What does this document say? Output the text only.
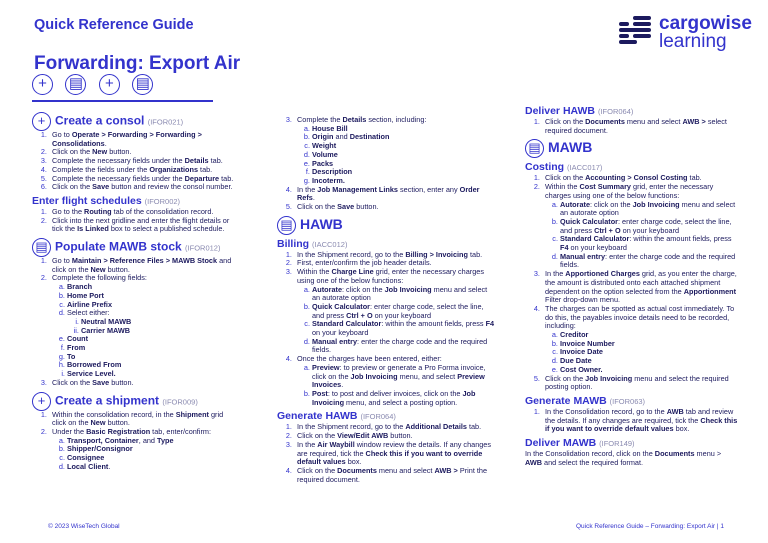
Quick Reference Guide	cargowise
learning
Forwarding: Export Air
+ ▤ + ▤
+ Create a consol (IFOR021)
1. Go to Operate > Forwarding > Forwarding > Consolidations.
2. Click on the New button.
3. Complete the necessary fields under the Details tab.
4. Complete the fields under the Organizations tab.
5. Complete the necessary fields under the Departure tab.
6. Click on the Save button and review the consol number.
Enter flight schedules (IFOR002)
1. Go to the Routing tab of the consolidation record.
2. Click into the next gridline and enter the flight details or tick the Is Linked box to select a published schedule.
▤ Populate MAWB stock (IFOR012)
1. Go to Maintain > Reference Files > MAWB Stock and click on the New button.
2. Complete the following fields:
a. Branch
b. Home Port
c. Airline Prefix
d. Select either:
i. Neutral MAWB
ii. Carrier MAWB
e. Count
f. From
g. To
h. Borrowed From
i. Service Level.
3. Click on the Save button.
+ Create a shipment (IFOR009)
1. Within the consolidation record, in the Shipment grid click on the New button.
2. Under the Basic Registration tab, enter/confirm:
a. Transport, Container, and Type
b. Shipper/Consignor
c. Consignee
d. Local Client.
3. Complete the Details section, including:
a. House Bill
b. Origin and Destination
c. Weight
d. Volume
e. Packs
f. Description
g. Incoterm.
4. In the Job Management Links section, enter any Order Refs.
5. Click on the Save button.
▤ HAWB
Billing (IACC012)
1. In the Shipment record, go to the Billing > Invoicing tab.
2. First, enter/confirm the job header details.
3. Within the Charge Line grid, enter the necessary charges using one of the below functions:
a. Autorate: click on the Job Invoicing menu and select an autorate option
b. Quick Calculator: enter charge code, select the line, and press Ctrl + O on your keyboard
c. Standard Calculator: within the amount fields, press F4 on your keyboard
d. Manual entry: enter the charge code and the required fields.
4. Once the charges have been entered, either:
a. Preview: to preview or generate a Pro Forma invoice, click on the Job Invoicing menu, and select Preview Invoices.
b. Post: to post and deliver invoices, click on the Job Invoicing menu, and select a posting option.
Generate HAWB (IFOR064)
1. In the Shipment record, go to the Additional Details tab.
2. Click on the View/Edit AWB button.
3. In the Air Waybill window review the details. If any changes are required, tick the Check this if you want to override default values box.
4. Click on the Documents menu and select AWB > Print the required document.
Deliver HAWB (IFOR064)
1. Click on the Documents menu and select AWB > select required document.
▤ MAWB
Costing (IACC017)
1. Click on the Accounting > Consol Costing tab.
2. Within the Cost Summary grid, enter the necessary charges using one of the below functions:
a. Autorate: click on the Job Invoicing menu and select an autorate option
b. Quick Calculator: enter charge code, select the line, and press Ctrl + O on your keyboard
c. Standard Calculator: within the amount fields, press F4 on your keyboard
d. Manual entry: enter the charge code and the required fields.
3. In the Apportioned Charges grid, as you enter the charge, the amount is distributed onto each attached shipment dependent on the option selected from the Apportionment Filter drop-down menu.
4. The charges can be spotted as actual cost immediately. To do this, the payables invoice details need to be recorded, including:
a. Creditor
b. Invoice Number
c. Invoice Date
d. Due Date
e. Cost Owner.
5. Click on the Job Invoicing menu and select the required posting option.
Generate MAWB (IFOR063)
1. In the Consolidation record, go to the AWB tab and review the details. If any changes are required, tick the Check this if you want to override default values box.
Deliver MAWB (IFOR149)

In the Consolidation record, click on the Documents menu > AWB and select the required format.

© 2023 WiseTech Global	Quick Reference Guide – Forwarding: Export Air | 1
